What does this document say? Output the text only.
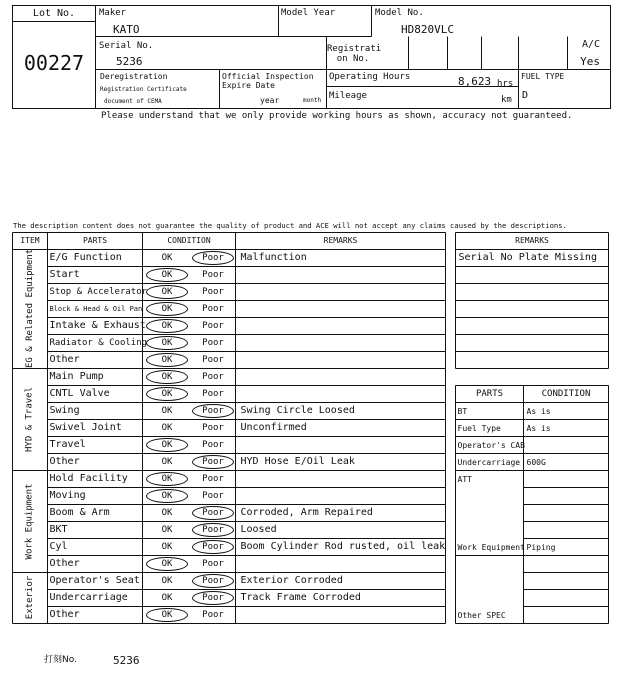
Lot No.
00227
Maker
KATO
Model Year	Model No.
HD820VLC
Serial No.
5236
Registrati
on No.
A/C
Yes
Deregistration
Registration Certificate
document of CEMA
Official Inspection
Expire Date
year	month
Operating Hours	8,623 hrs
Mileage	km
FUEL TYPE
D
Please understand that we only provide working hours as shown, accuracy not guaranteed.
The description content does not guarantee the quality of product and ACE will not accept any claims caused by the descriptions.
ITEM	PARTS	CONDITION	REMARKS	REMARKS
EG & Related Equipment
HYD & Travel
Work Equipment
Exterior
E/G Function	OK	Poor	Malfunction
Start	OK	Poor
Stop & Accelerator	OK	Poor
Block & Head & Oil Pan	OK	Poor
Intake & Exhaust	OK	Poor
Radiator & Cooling	OK	Poor
Other	OK	Poor
Main Pump	OK	Poor
CNTL Valve	OK	Poor
Swing	OK	Poor	Swing Circle Loosed
Swivel Joint	OK	Poor	Unconfirmed
Travel	OK	Poor
Other	OK	Poor	HYD Hose E/Oil Leak
Hold Facility	OK	Poor
Moving	OK	Poor
Boom & Arm	OK	Poor	Corroded, Arm Repaired
BKT	OK	Poor	Loosed
Cyl	OK	Poor	Boom Cylinder Rod rusted, oil leak
Other	OK	Poor
Operator's Seat	OK	Poor	Exterior Corroded
Undercarriage	OK	Poor	Track Frame Corroded
Other	OK	Poor
Serial No Plate Missing
PARTS	CONDITION
BT	As is
Fuel Type	As is
Operator's CAB
Undercarriage 600G
ATT
Work Equipment Piping
Other SPEC
打刻No.	5236
